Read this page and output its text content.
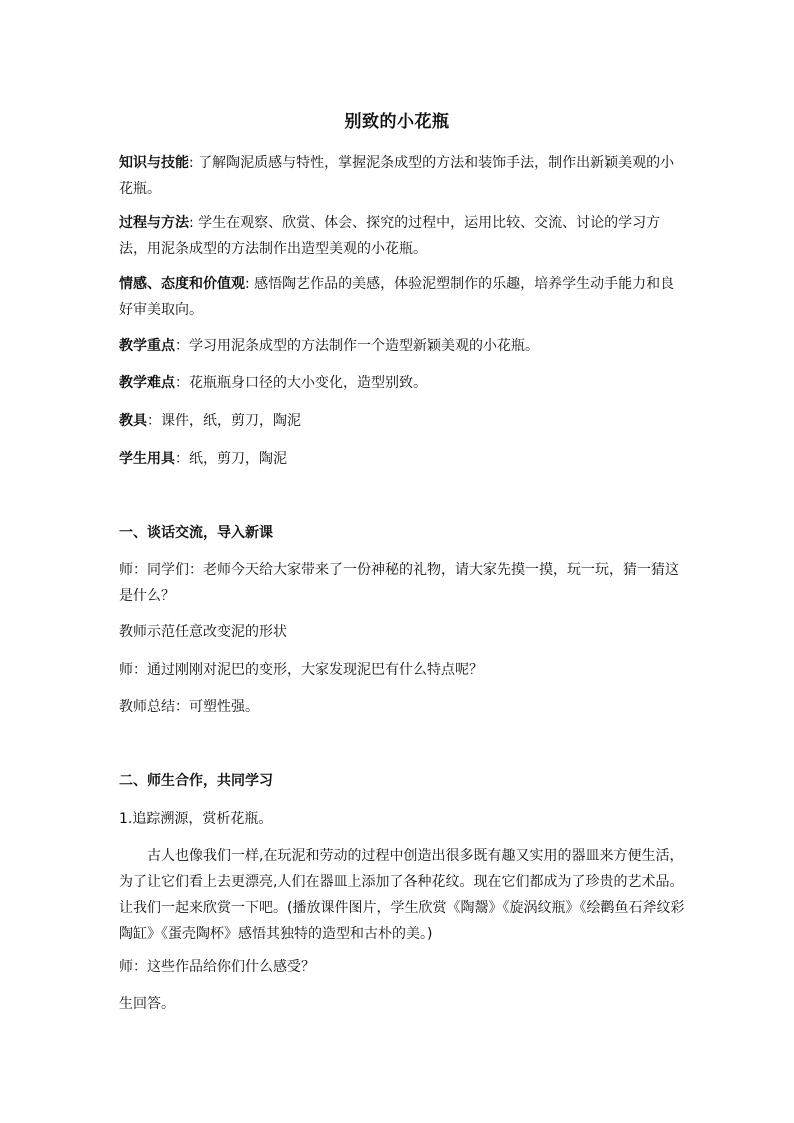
别致的小花瓶
知识与技能: 了解陶泥质感与特性，掌握泥条成型的方法和装饰手法，制作出新颖美观的小花瓶。
过程与方法: 学生在观察、欣赏、体会、探究的过程中，运用比较、交流、讨论的学习方法，用泥条成型的方法制作出造型美观的小花瓶。
情感、态度和价值观: 感悟陶艺作品的美感，体验泥塑制作的乐趣，培养学生动手能力和良好审美取向。
教学重点：学习用泥条成型的方法制作一个造型新颖美观的小花瓶。
教学难点：花瓶瓶身口径的大小变化，造型别致。
教具：课件，纸，剪刀，陶泥
学生用具：纸，剪刀，陶泥
一、谈话交流，导入新课
师：同学们：老师今天给大家带来了一份神秘的礼物，请大家先摸一摸，玩一玩，猜一猜这是什么？
教师示范任意改变泥的形状
师：通过刚刚对泥巴的变形，大家发现泥巴有什么特点呢？
教师总结：可塑性强。
二、师生合作，共同学习
1.追踪溯源，赏析花瓶。
古人也像我们一样,在玩泥和劳动的过程中创造出很多既有趣又实用的器皿来方便生活，为了让它们看上去更漂亮,人们在器皿上添加了各种花纹。现在它们都成为了珍贵的艺术品。让我们一起来欣赏一下吧。(播放课件图片，学生欣赏《陶鬶》《旋涡纹瓶》《绘鹳鱼石斧纹彩陶缸》《蛋壳陶杯》感悟其独特的造型和古朴的美。)
师：这些作品给你们什么感受？
生回答。
